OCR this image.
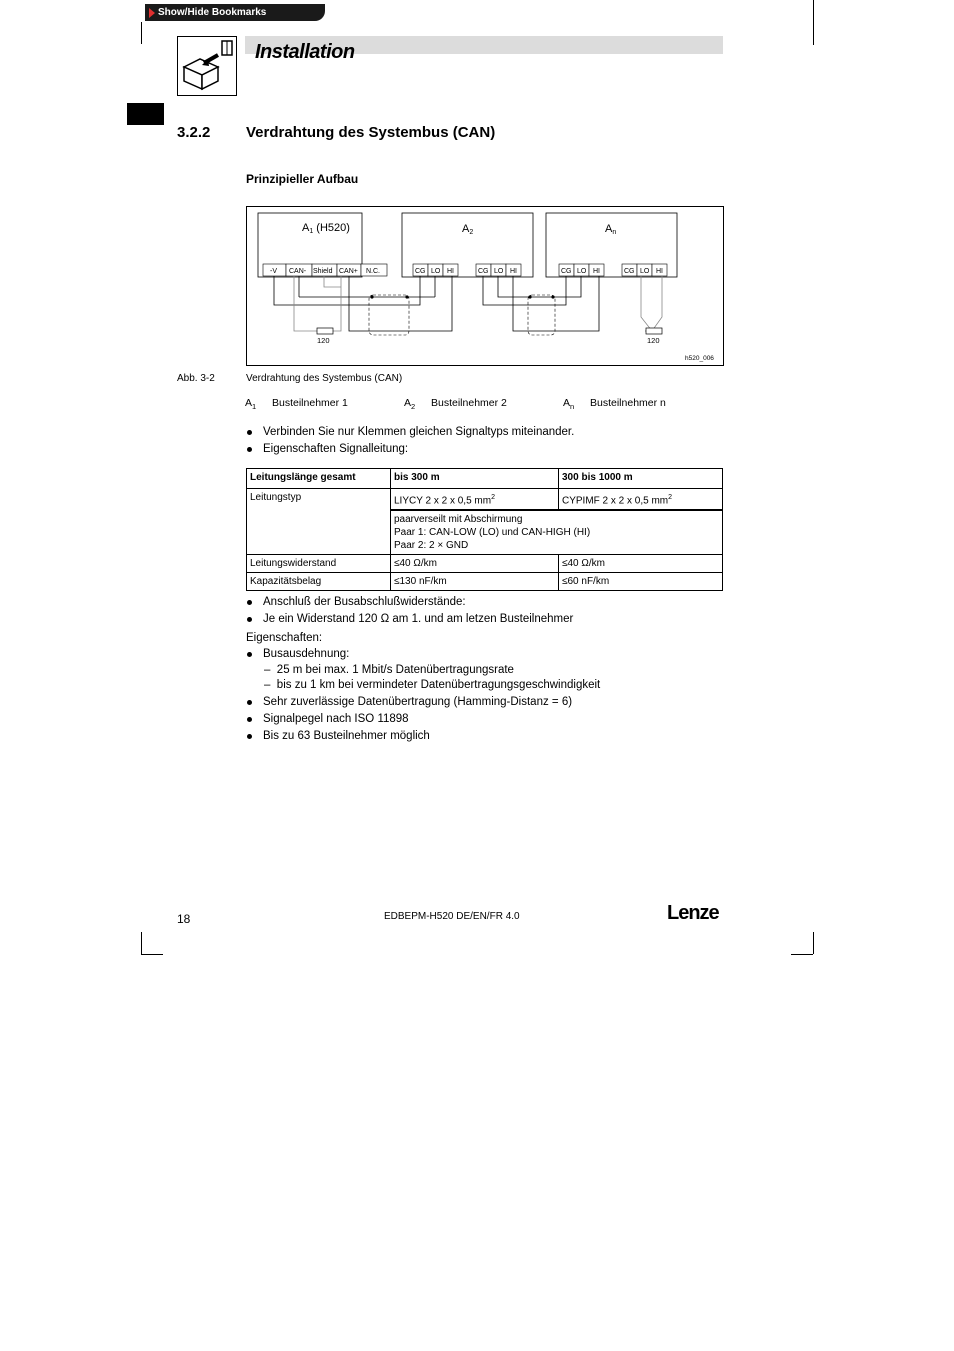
Show/Hide Bookmarks
Installation
3.2.2 Verdrahtung des Systembus (CAN)
Prinzipieller Aufbau
A1 (H520)	A2	An
-V CAN- Shield CAN+ N.C.	CG LO HI	CG LO HI	CG LO HI	CG LO HI
120	120
h520_006
Abb. 3-2	Verdrahtung des Systembus (CAN)
$A_1$ Busteilnehmer 1	$A_2$ Busteilnehmer 2	$A_n$ Busteilnehmer n
Verbinden Sie nur Klemmen gleichen Signaltyps miteinander.
Eigenschaften Signalleitung:
Leitungslänge gesamt	bis 300 m	300 bis 1000 m
Leitungstyp	LIYCY 2 x 2 x 0,5 $mm^2$	CYPIMF 2 x 2 x 0,5 $mm^2$

	paarverseilt mit Abschirmung
Paar 1: CAN-LOW (LO) und CAN-HIGH (HI)
Paar 2: 2 × GND	

Leitungswiderstand	≤40 Ω/km	≤40 Ω/km
Kapazitätsbelag	≤130 nF/km	≤60 nF/km
Anschluß der Busabschlußwiderstände:
Je ein Widerstand 120 Ω am 1. und am letzen Busteilnehmer
Eigenschaften:
Busausdehnung:
–  25 m bei max. 1 Mbit/s Datenübertragungsrate
–  bis zu 1 km bei vermindeter Datenübertragungsgeschwindigkeit
Sehr zuverlässige Datenübertragung (Hamming-Distanz = 6)
Signalpegel nach ISO 11898
Bis zu 63 Busteilnehmer möglich
18	EDBEPM-H520 DE/EN/FR 4.0	Lenze
